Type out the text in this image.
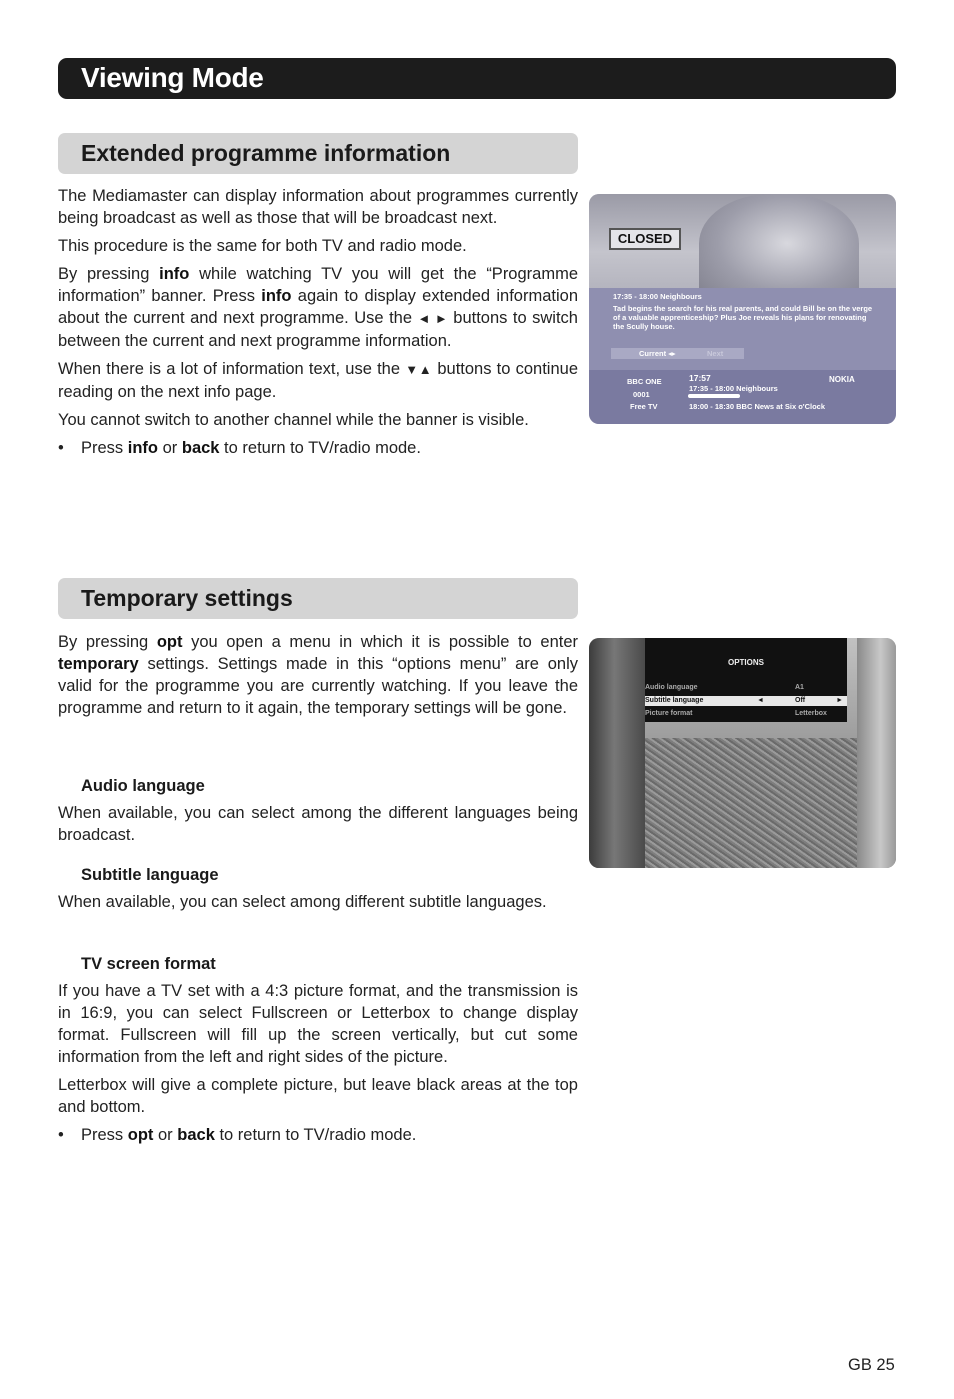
Viewing Mode
Extended programme information

The Mediamaster can display information about programmes currently being broadcast as well as those that will be broadcast next.

This procedure is the same for both TV and radio mode.

By pressing info while watching TV you will get the “Programme information” banner. Press info again to display extended information about the current and next programme. Use the ◄ ► buttons to switch between the current and next programme information.

When there is a lot of information text, use the ▼▲ buttons to continue reading on the next info page.

You cannot switch to another channel while the banner is visible.

• Press info or back to return to TV/radio mode.

CLOSED
17:35 - 18:00 Neighbours
Tad begins the search for his real parents, and could Bill be on the verge of a valuable apprenticeship? Plus Joe reveals his plans for renovating the Scully house.
Current ◂▸	Next
BBC ONE	17:57
17:35 - 18:00 Neighbours
NOKIA
0001
Free TV	18:00 - 18:30 BBC News at Six o'Clock
Temporary settings

By pressing opt you open a menu in which it is possible to enter temporary settings. Settings made in this “options menu” are only valid for the programme you are currently watching. If you leave the programme and return to it again, the temporary settings will be gone.

Audio language

When available, you can select among the different languages being broadcast.

Subtitle language

When available, you can select among different subtitle languages.

TV screen format

If you have a TV set with a 4:3 picture format, and the transmission is in 16:9, you can select Fullscreen or Letterbox to change display format. Fullscreen will fill up the screen vertically, but cut some information from the left and right sides of the picture.

Letterbox will give a complete picture, but leave black areas at the top and bottom.

• Press opt or back to return to TV/radio mode.

OPTIONS
Audio language	A1
Subtitle language	◄	Off	►
Picture format	Letterbox
GB 25
